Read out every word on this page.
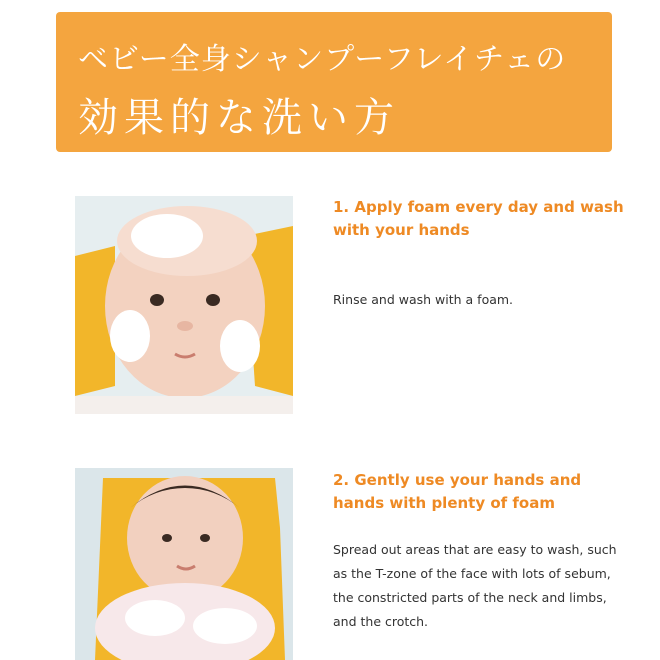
ベビー全身シャンプーフレイチェの
効果的な洗い方
1. Apply foam every day and wash with your hands
Rinse and wash with a foam.
2. Gently use your hands and hands with plenty of foam
Spread out areas that are easy to wash, such as the T-zone of the face with lots of sebum, the constricted parts of the neck and limbs, and the crotch.
